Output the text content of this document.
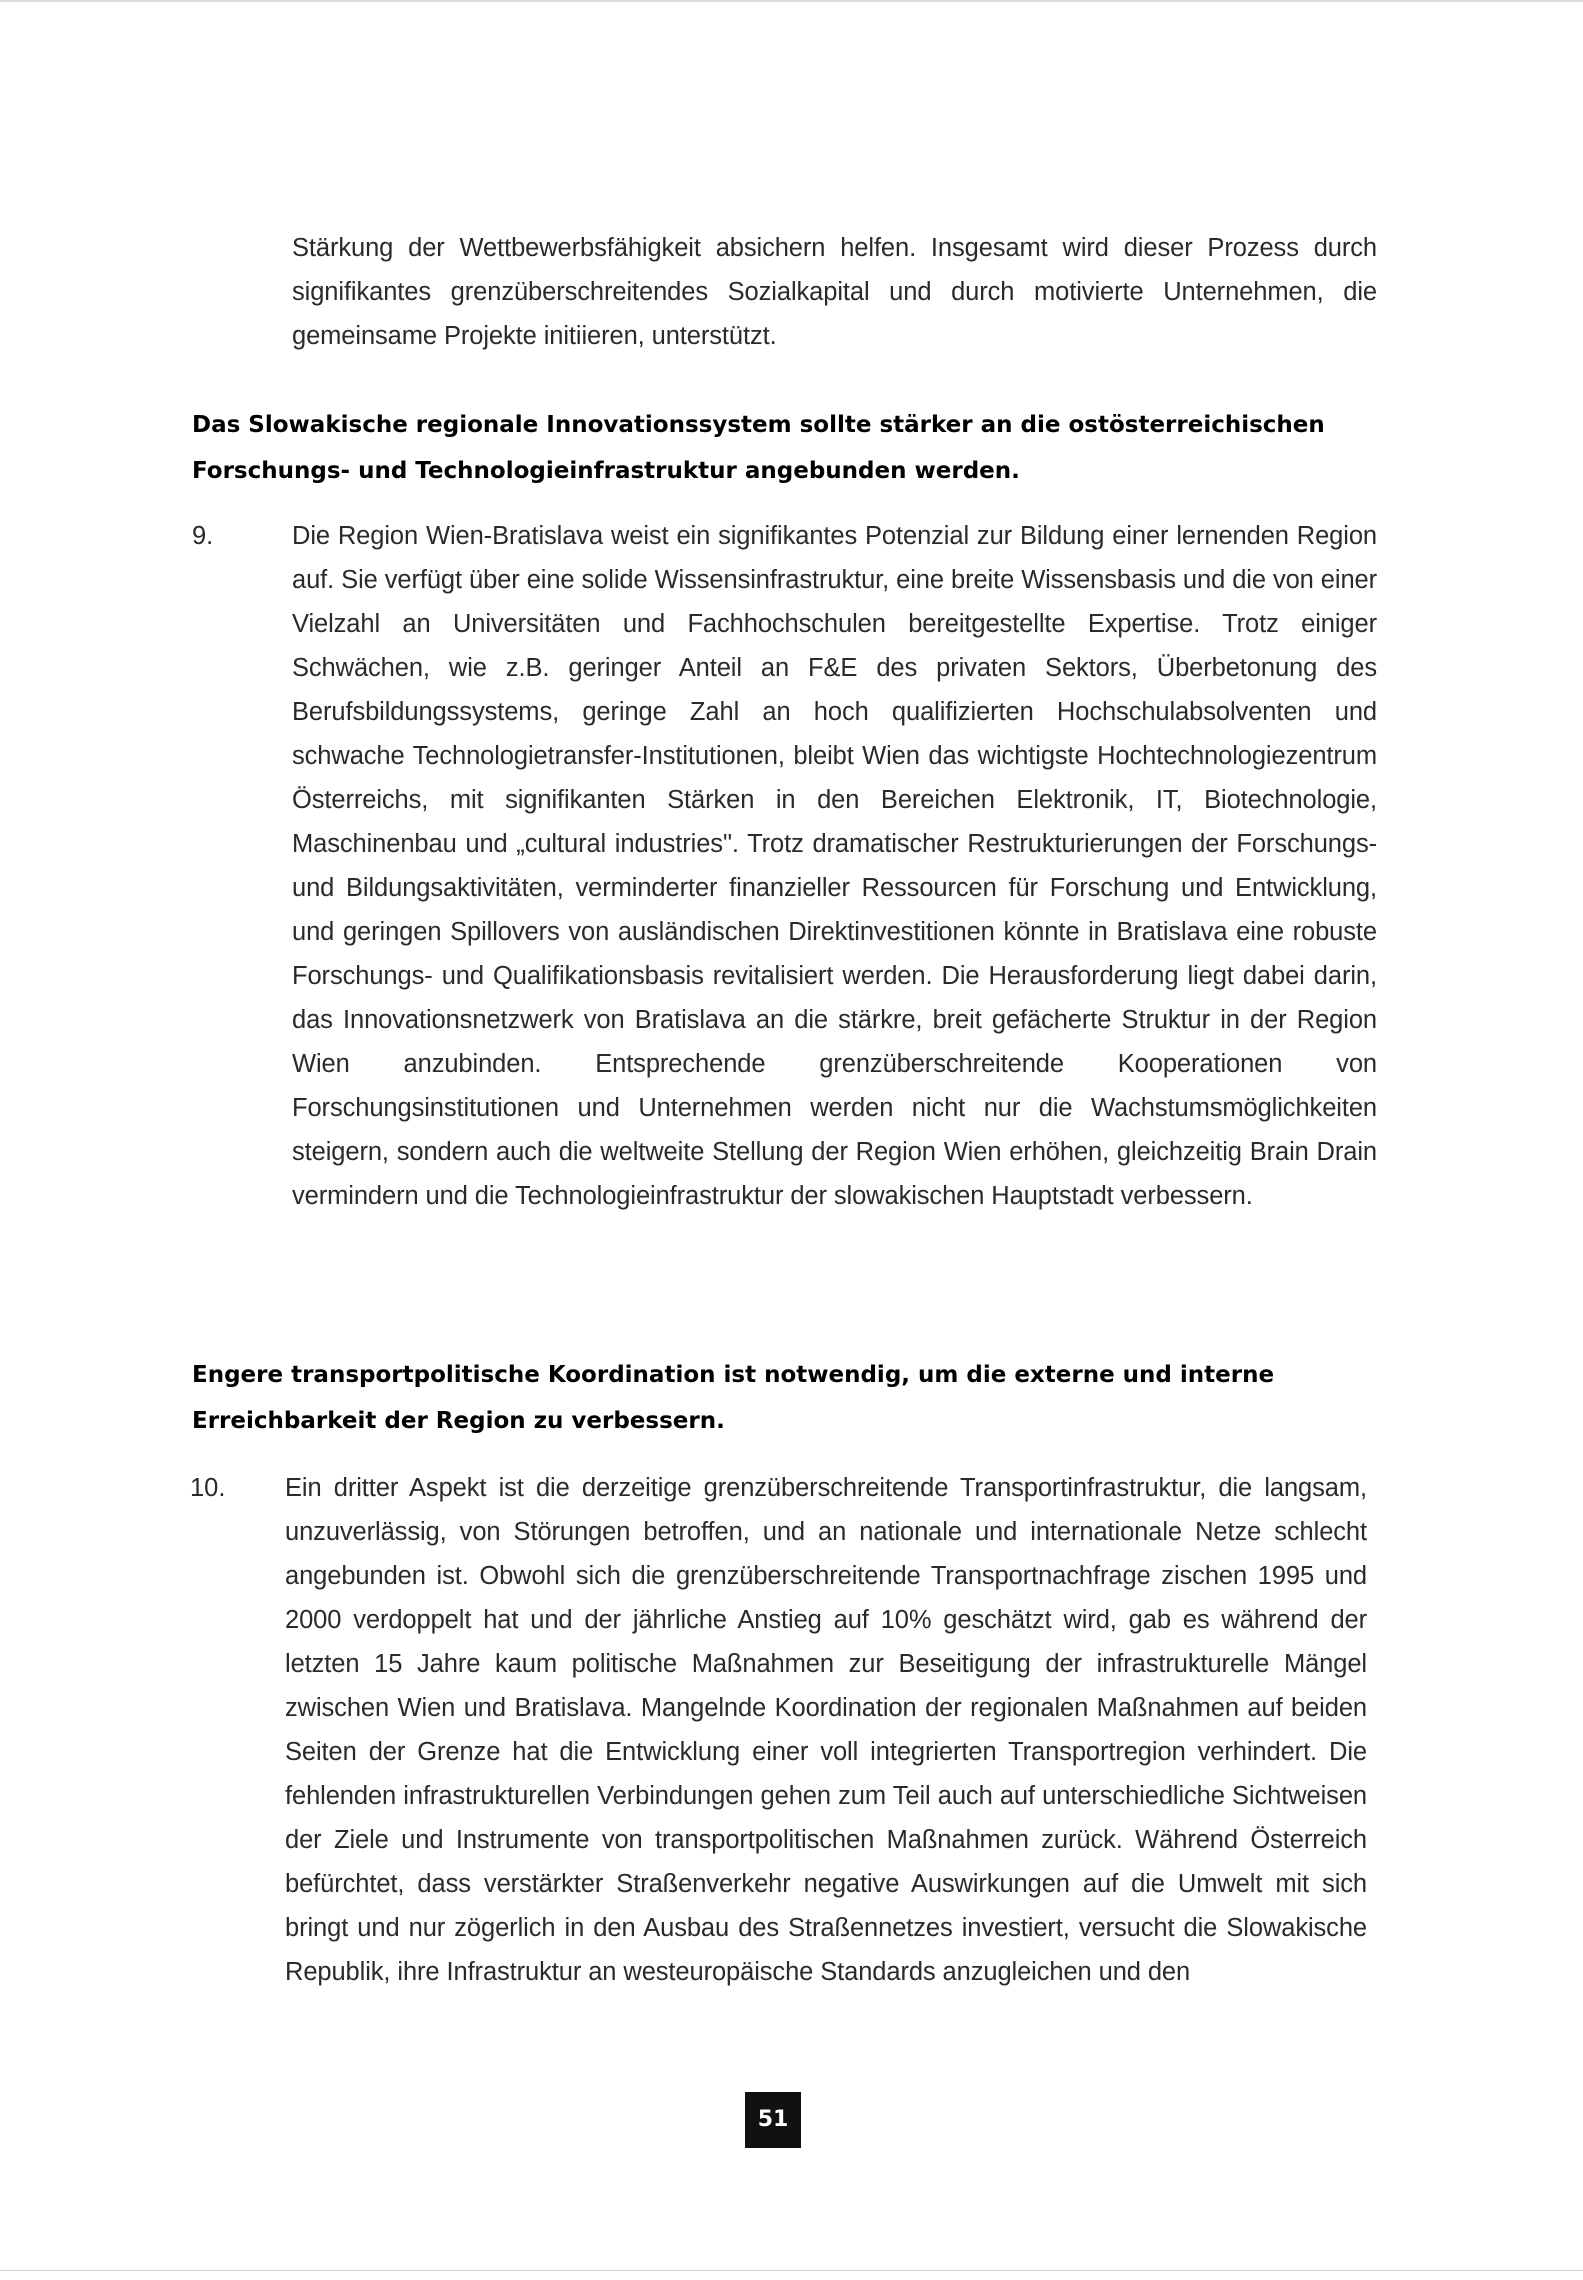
Stärkung der Wettbewerbsfähigkeit absichern helfen. Insgesamt wird dieser Prozess durch signifikantes grenzüberschreitendes Sozialkapital und durch motivierte Unternehmen, die gemeinsame Projekte initiieren, unterstützt.

Das Slowakische regionale Innovationssystem sollte stärker an die ostösterreichischen Forschungs- und Technologieinfrastruktur angebunden werden.

9.	Die Region Wien-Bratislava weist ein signifikantes Potenzial zur Bildung einer lernenden Region auf. Sie verfügt über eine solide Wissensinfrastruktur, eine breite Wissensbasis und die von einer Vielzahl an Universitäten und Fachhochschulen bereitgestellte Expertise. Trotz einiger Schwächen, wie z.B. geringer Anteil an F&E des privaten Sektors, Überbetonung des Berufsbildungssystems, geringe Zahl an hoch qualifizierten Hochschulabsolventen und schwache Technologietransfer-Institutionen, bleibt Wien das wichtigste Hochtechnologiezentrum Österreichs, mit signifikanten Stärken in den Bereichen Elektronik, IT, Biotechnologie, Maschinenbau und „cultural industries". Trotz dramatischer Restrukturierungen der Forschungs- und Bildungsaktivitäten, verminderter finanzieller Ressourcen für Forschung und Entwicklung, und geringen Spillovers von ausländischen Direktinvestitionen könnte in Bratislava eine robuste Forschungs- und Qualifikationsbasis revitalisiert werden. Die Herausforderung liegt dabei darin, das Innovationsnetzwerk von Bratislava an die stärkre, breit gefächerte Struktur in der Region Wien anzubinden. Entsprechende grenzüberschreitende Kooperationen von Forschungsinstitutionen und Unternehmen werden nicht nur die Wachstumsmöglichkeiten steigern, sondern auch die weltweite Stellung der Region Wien erhöhen, gleichzeitig Brain Drain vermindern und die Technologieinfrastruktur der slowakischen Hauptstadt verbessern.

Engere transportpolitische Koordination ist notwendig, um die externe und interne Erreichbarkeit der Region zu verbessern.

10. Ein dritter Aspekt ist die derzeitige grenzüberschreitende Transportinfrastruktur, die langsam, unzuverlässig, von Störungen betroffen, und an nationale und internationale Netze schlecht angebunden ist. Obwohl sich die grenzüberschreitende Transportnachfrage zischen 1995 und 2000 verdoppelt hat und der jährliche Anstieg auf 10% geschätzt wird, gab es während der letzten 15 Jahre kaum politische Maßnahmen zur Beseitigung der infrastrukturelle Mängel zwischen Wien und Bratislava. Mangelnde Koordination der regionalen Maßnahmen auf beiden Seiten der Grenze hat die Entwicklung einer voll integrierten Transportregion verhindert. Die fehlenden infrastrukturellen Verbindungen gehen zum Teil auch auf unterschiedliche Sichtweisen der Ziele und Instrumente von transportpolitischen Maßnahmen zurück. Während Österreich befürchtet, dass verstärkter Straßenverkehr negative Auswirkungen auf die Umwelt mit sich bringt und nur zögerlich in den Ausbau des Straßennetzes investiert, versucht die Slowakische Republik, ihre Infrastruktur an westeuropäische Standards anzugleichen und den

51
